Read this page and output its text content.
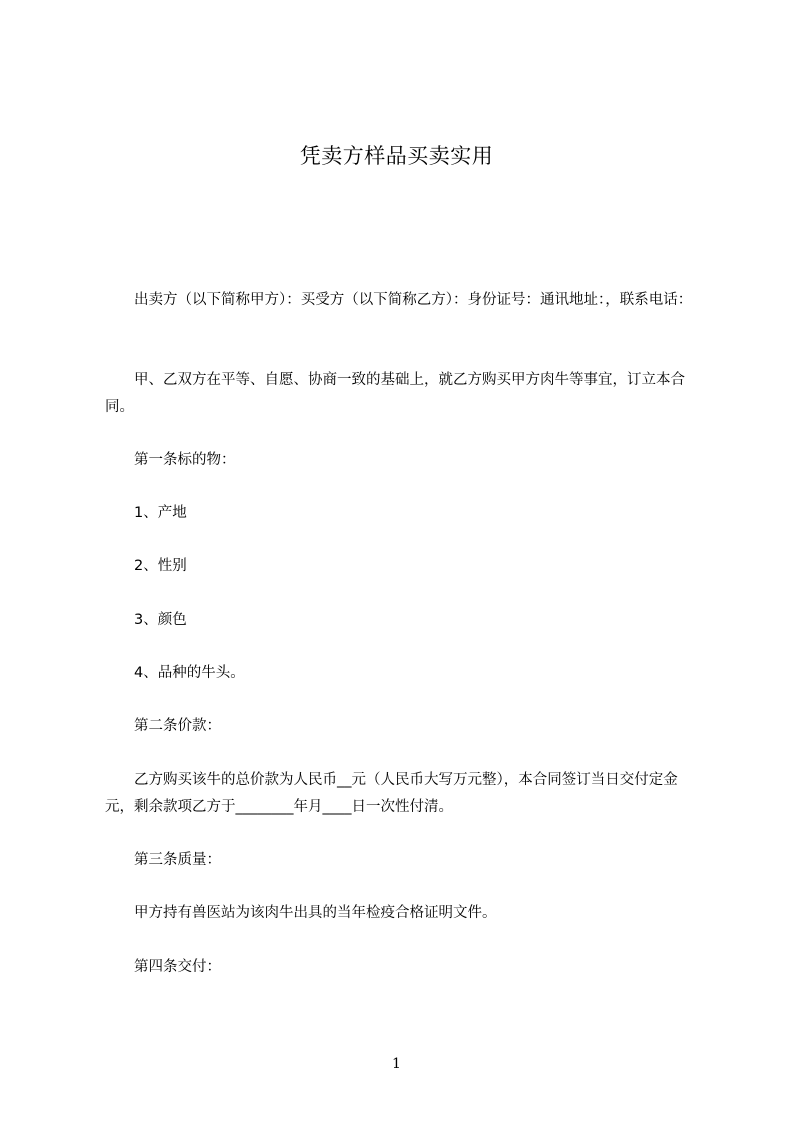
凭卖方样品买卖实用

　　出卖方（以下简称甲方）：买受方（以下简称乙方）：身份证号：通讯地址：，联系电话：

　　甲、乙双方在平等、自愿、协商一致的基础上，就乙方购买甲方肉牛等事宜，订立本合同。

　　第一条标的物：

　　1、产地

　　2、性别

　　3、颜色

　　4、品种的牛头。

　　第二条价款：

　　乙方购买该牛的总价款为人民币__元（人民币大写万元整），本合同签订当日交付定金元，剩余款项乙方于________年月____日一次性付清。

　　第三条质量：

　　甲方持有兽医站为该肉牛出具的当年检疫合格证明文件。

　　第四条交付：

1
